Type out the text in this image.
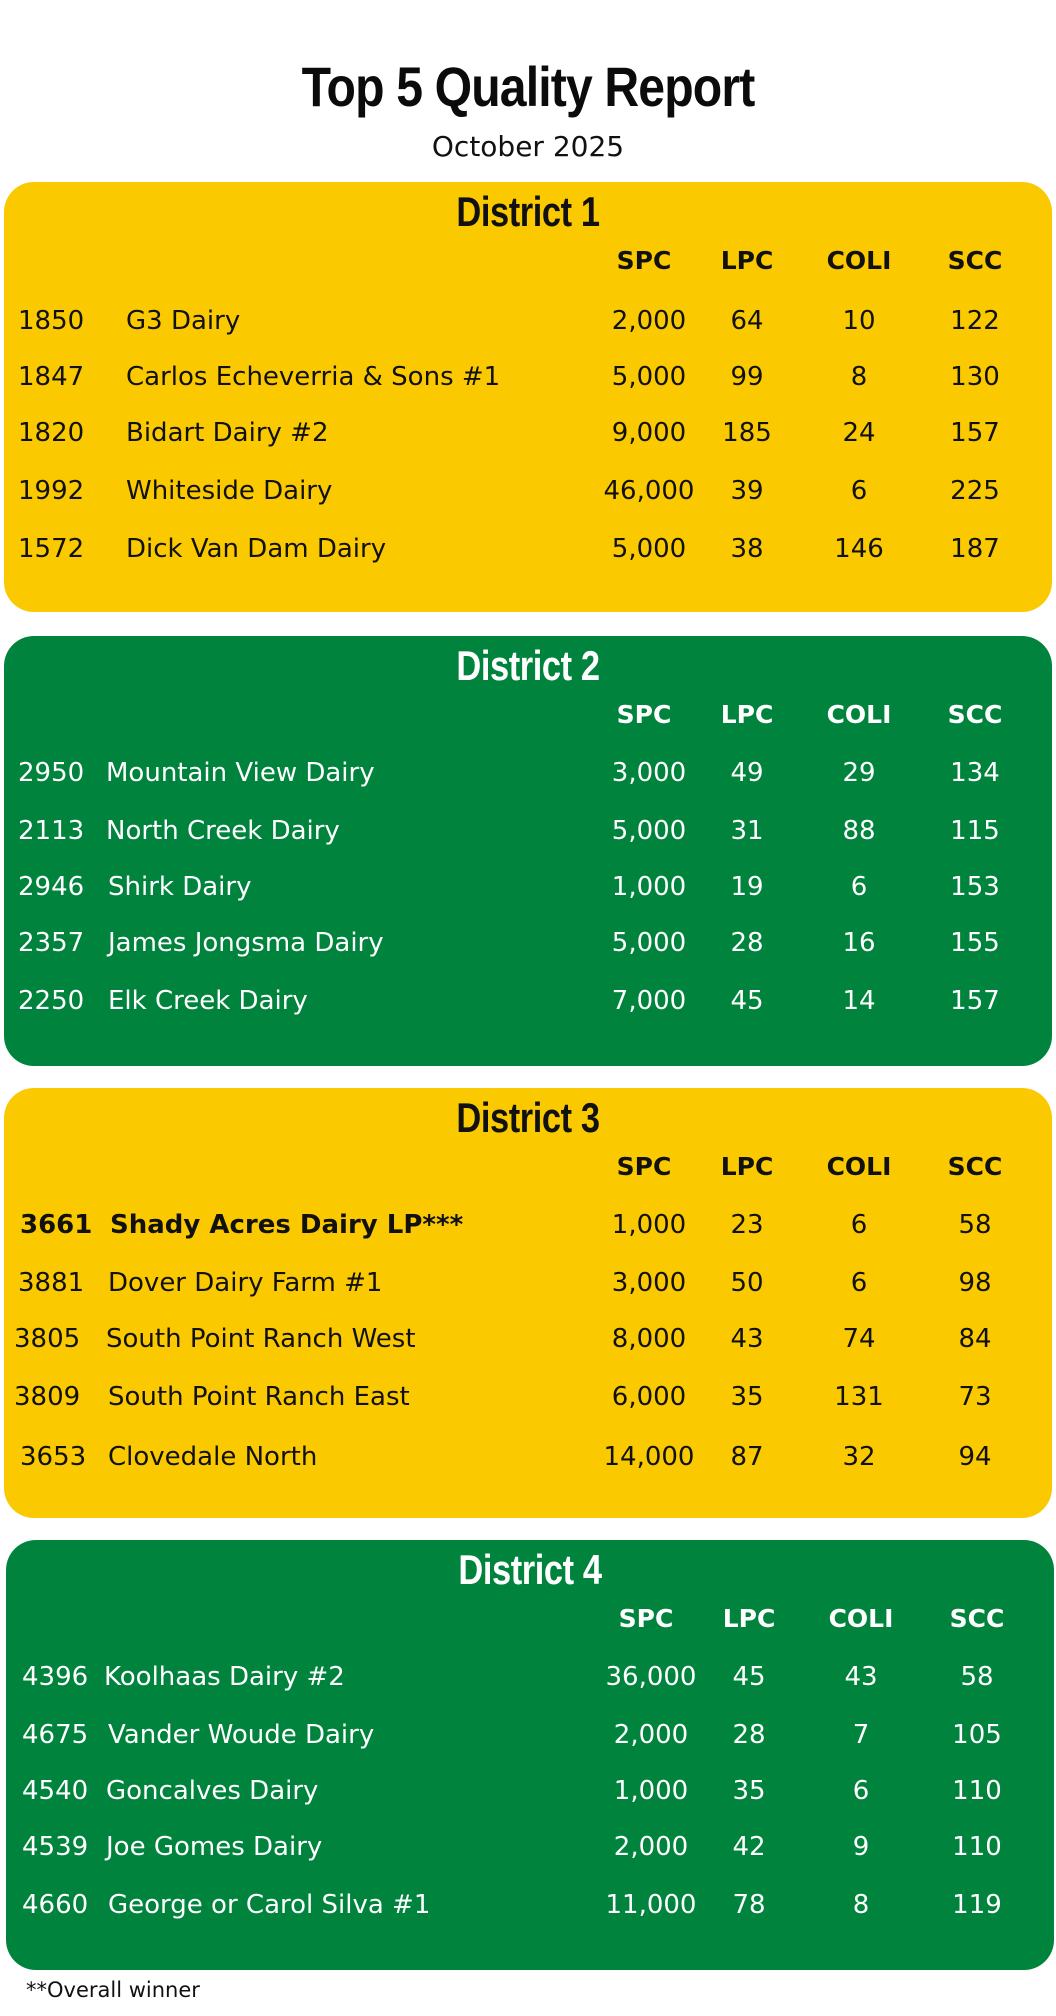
Top 5 Quality Report
October 2025
District 1
SPC	LPC	COLI	SCC
1850	G3 Dairy	2,000	64	10	122
1847	Carlos Echeverria & Sons #1	5,000	99	8	130
1820	Bidart Dairy #2	9,000	185	24	157
1992	Whiteside Dairy	46,000	39	6	225
1572	Dick Van Dam Dairy	5,000	38	146	187
District 2
SPC	LPC	COLI	SCC
2950 Mountain View Dairy	3,000	49	29	134
2113 North Creek Dairy	5,000	31	88	115
2946 Shirk Dairy	1,000	19	6	153
2357 James Jongsma Dairy	5,000	28	16	155
2250 Elk Creek Dairy	7,000	45	14	157
District 3
SPC	LPC	COLI	SCC
3661 Shady Acres Dairy LP***	1,000	23	6	58
3881 Dover Dairy Farm #1	3,000	50	6	98
3805 South Point Ranch West	8,000	43	74	84
3809	South Point Ranch East	6,000	35	131	73
3653 Clovedale North	14,000	87	32	94
District 4
SPC	LPC	COLI	SCC
4396 Koolhaas Dairy #2	36,000	45	43	58
4675 Vander Woude Dairy	2,000	28	7	105
4540 Goncalves Dairy	1,000	35	6	110
4539 Joe Gomes Dairy	2,000	42	9	110
4660 George or Carol Silva #1	11,000	78	8	119
**Overall winner
